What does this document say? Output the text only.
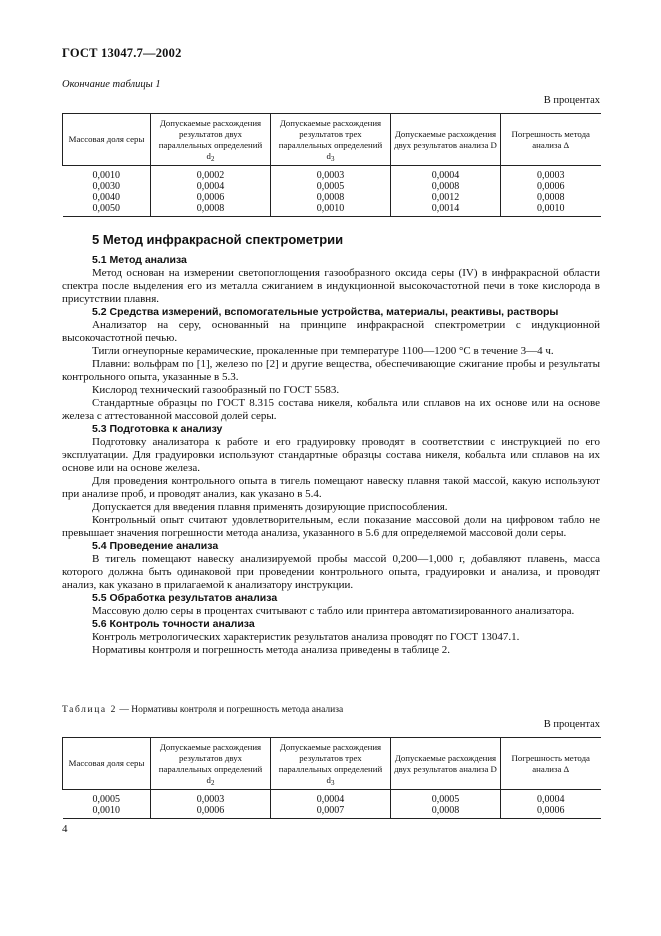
ГОСТ 13047.7—2002
Окончание таблицы 1
В процентах
Массовая доля серы	Допускаемые расхождения результатов двух параллельных определений $d_2$	Допускаемые расхождения результатов трех параллельных определений $d_3$	Допускаемые расхождения двух результатов анализа D	Погрешность метода анализа Δ
0,0010	0,0002	0,0003	0,0004	0,0003
0,0030	0,0004	0,0005	0,0008	0,0006
0,0040	0,0006	0,0008	0,0012	0,0008
0,0050	0,0008	0,0010	0,0014	0,0010
5 Метод инфракрасной спектрометрии

5.1 Метод анализа

Метод основан на измерении светопоглощения газообразного оксида серы (IV) в инфракрасной области спектра после выделения его из металла сжиганием в индукционной высокочастотной печи в токе кислорода в присутствии плавня.

5.2 Средства измерений, вспомогательные устройства, материалы, реактивы, растворы

Анализатор на серу, основанный на принципе инфракрасной спектрометрии с индукционной высокочастотной печью.

Тигли огнеупорные керамические, прокаленные при температуре 1100—1200 °С в течение 3—4 ч.

Плавни: вольфрам по [1], железо по [2] и другие вещества, обеспечивающие сжигание пробы и результаты контрольного опыта, указанные в 5.3.

Кислород технический газообразный по ГОСТ 5583.

Стандартные образцы по ГОСТ 8.315 состава никеля, кобальта или сплавов на их основе или на основе железа с аттестованной массовой долей серы.

5.3 Подготовка к анализу

Подготовку анализатора к работе и его градуировку проводят в соответствии с инструкцией по его эксплуатации. Для градуировки используют стандартные образцы состава никеля, кобальта или сплавов на их основе или на основе железа.

Для проведения контрольного опыта в тигель помещают навеску плавня такой массой, какую используют при анализе проб, и проводят анализ, как указано в 5.4.

Допускается для введения плавня применять дозирующие приспособления.

Контрольный опыт считают удовлетворительным, если показание массовой доли на цифровом табло не превышает значения погрешности метода анализа, указанного в 5.6 для определяемой массовой доли серы.

5.4 Проведение анализа

В тигель помещают навеску анализируемой пробы массой 0,200—1,000 г, добавляют плавень, масса которого должна быть одинаковой при проведении контрольного опыта, градуировки и анализа, и проводят анализ, как указано в прилагаемой к анализатору инструкции.

5.5 Обработка результатов анализа

Массовую долю серы в процентах считывают с табло или принтера автоматизированного анализатора.

5.6 Контроль точности анализа

Контроль метрологических характеристик результатов анализа проводят по ГОСТ 13047.1.

Нормативы контроля и погрешность метода анализа приведены в таблице 2.

Таблица 2 — Нормативы контроля и погрешность метода анализа
В процентах
Массовая доля серы	Допускаемые расхождения результатов двух параллельных определений $d_2$	Допускаемые расхождения результатов трех параллельных определений $d_3$	Допускаемые расхождения двух результатов анализа D	Погрешность метода анализа Δ
0,0005	0,0003	0,0004	0,0005	0,0004
0,0010	0,0006	0,0007	0,0008	0,0006
4
